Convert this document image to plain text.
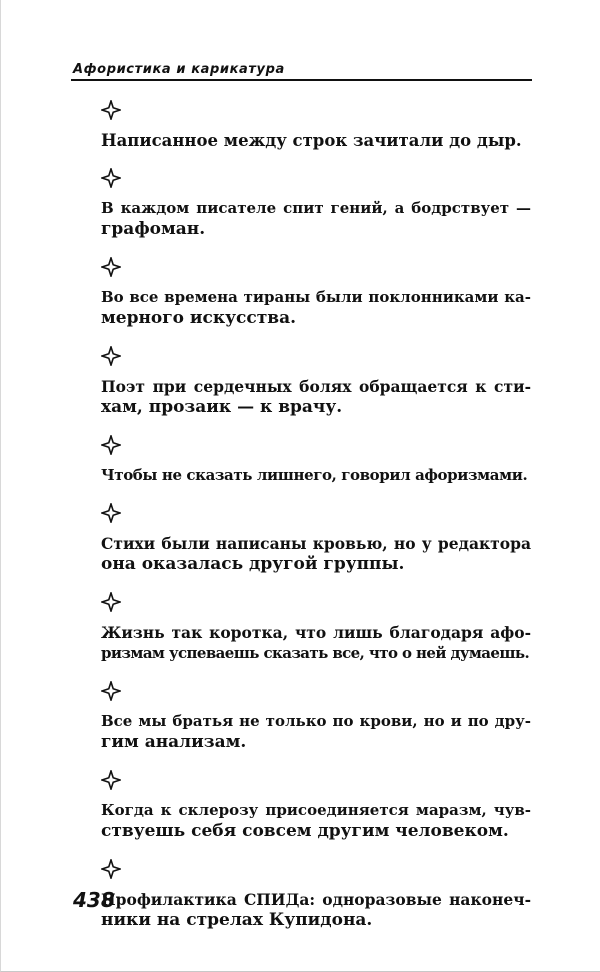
Афористика и карикатура
Написанное между строк зачитали до дыр.
В каждом писателе спит гений, а бодрствует —
графоман.
Во все времена тираны были поклонниками ка-
мерного искусства.
Поэт при сердечных болях обращается к сти-
хам, прозаик — к врачу.
Чтобы не сказать лишнего, говорил афоризмами.
Стихи были написаны кровью, но у редактора
она оказалась другой группы.
Жизнь так коротка, что лишь благодаря афо-
ризмам успеваешь сказать все, что о ней думаешь.
Все мы братья не только по крови, но и по дру-
гим анализам.
Когда к склерозу присоединяется маразм, чув-
ствуешь себя совсем другим человеком.
Профилактика СПИДа: одноразовые наконеч-
ники на стрелах Купидона.
438
